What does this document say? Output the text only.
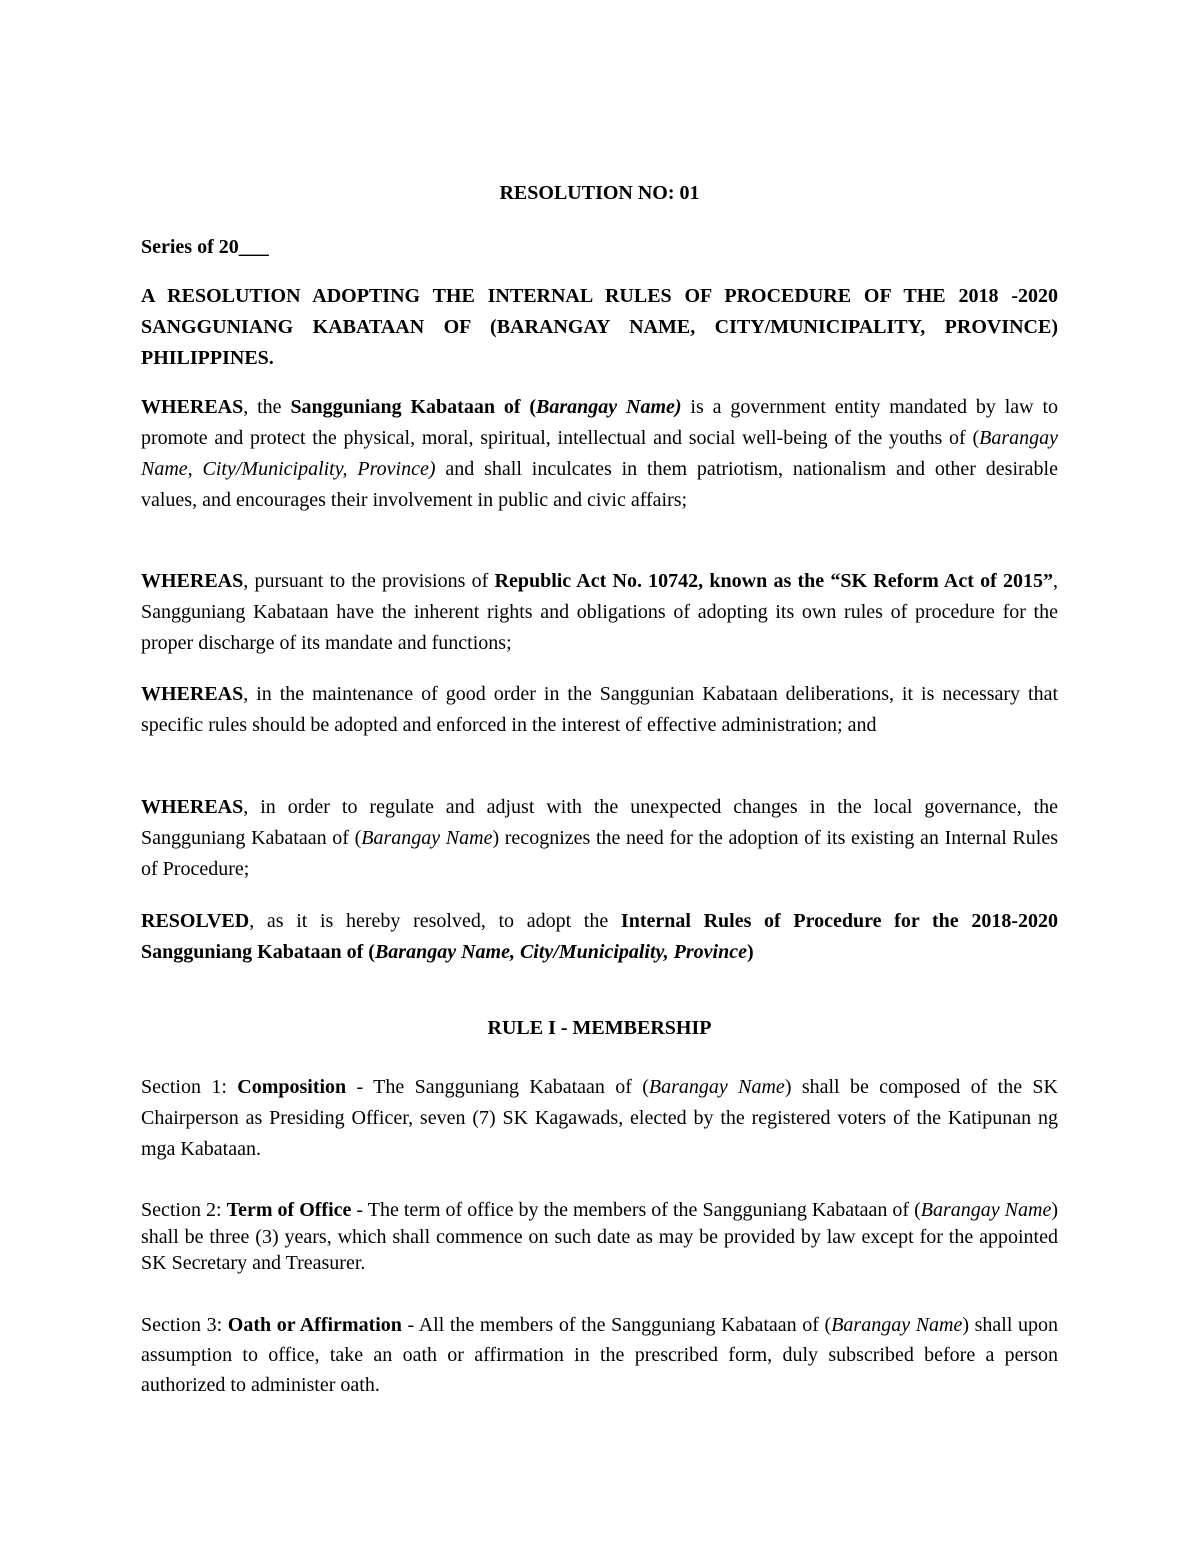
RESOLUTION NO: 01

Series of 20___

A RESOLUTION ADOPTING THE INTERNAL RULES OF PROCEDURE OF THE 2018 -2020 SANGGUNIANG KABATAAN OF (BARANGAY NAME, CITY/MUNICIPALITY, PROVINCE) PHILIPPINES.

WHEREAS, the Sangguniang Kabataan of (Barangay Name) is a government entity mandated by law to promote and protect the physical, moral, spiritual, intellectual and social well-being of the youths of (Barangay Name, City/Municipality, Province) and shall inculcates in them patriotism, nationalism and other desirable values, and encourages their involvement in public and civic affairs;

WHEREAS, pursuant to the provisions of Republic Act No. 10742, known as the “SK Reform Act of 2015”, Sangguniang Kabataan have the inherent rights and obligations of adopting its own rules of procedure for the proper discharge of its mandate and functions;

WHEREAS, in the maintenance of good order in the Sanggunian Kabataan deliberations, it is necessary that specific rules should be adopted and enforced in the interest of effective administration; and

WHEREAS, in order to regulate and adjust with the unexpected changes in the local governance, the Sangguniang Kabataan of (Barangay Name) recognizes the need for the adoption of its existing an Internal Rules of Procedure;

RESOLVED, as it is hereby resolved, to adopt the Internal Rules of Procedure for the 2018-2020 Sangguniang Kabataan of (Barangay Name, City/Municipality, Province)

RULE I - MEMBERSHIP

Section 1: Composition - The Sangguniang Kabataan of (Barangay Name) shall be composed of the SK Chairperson as Presiding Officer, seven (7) SK Kagawads, elected by the registered voters of the Katipunan ng mga Kabataan.

Section 2: Term of Office - The term of office by the members of the Sangguniang Kabataan of (Barangay Name) shall be three (3) years, which shall commence on such date as may be provided by law except for the appointed SK Secretary and Treasurer.

Section 3: Oath or Affirmation - All the members of the Sangguniang Kabataan of (Barangay Name) shall upon assumption to office, take an oath or affirmation in the prescribed form, duly subscribed before a person authorized to administer oath.
